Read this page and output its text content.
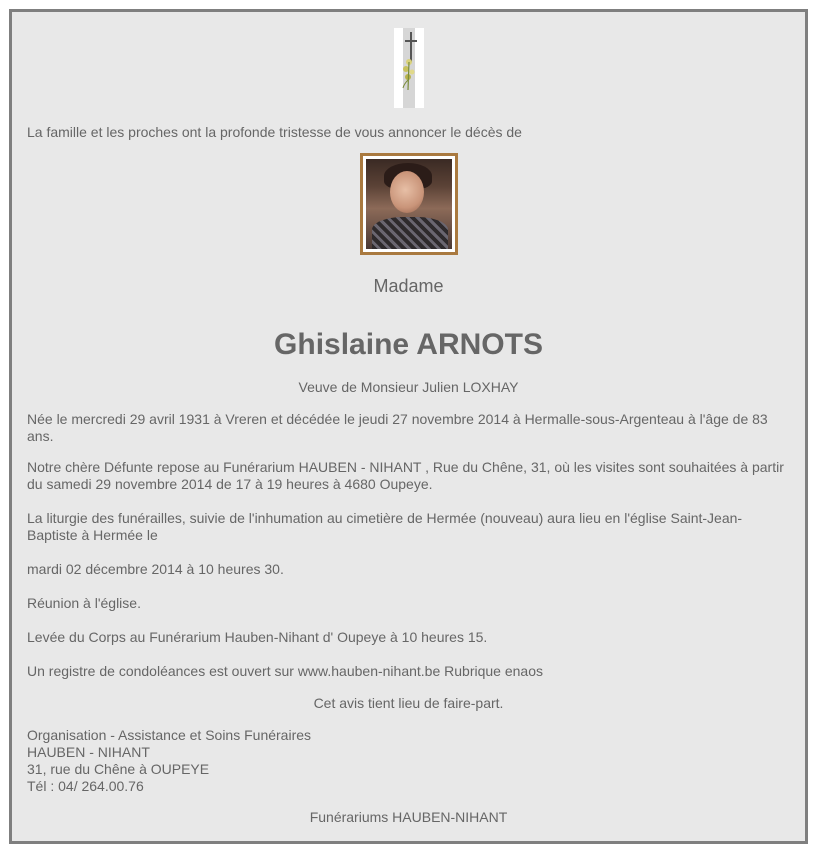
La famille et les proches ont la profonde tristesse de vous annoncer le décès de
Madame
Ghislaine ARNOTS
Veuve de Monsieur Julien LOXHAY

Née le mercredi 29 avril 1931 à Vreren et décédée le jeudi 27 novembre 2014 à Hermalle-sous-Argenteau à l'âge de 83 ans.

Notre chère Défunte repose au Funérarium HAUBEN - NIHANT , Rue du Chêne, 31, où les visites sont souhaitées à partir du samedi 29 novembre 2014 de 17 à 19 heures à 4680 Oupeye.

La liturgie des funérailles, suivie de l'inhumation au cimetière de Hermée (nouveau) aura lieu en l'église Saint-Jean-Baptiste à Hermée le

mardi 02 décembre 2014 à 10 heures 30.

Réunion à l'église.

Levée du Corps au Funérarium Hauben-Nihant d' Oupeye à 10 heures 15.

Un registre de condoléances est ouvert sur www.hauben-nihant.be Rubrique enaos

Cet avis tient lieu de faire-part.
Organisation - Assistance et Soins Funéraires
HAUBEN - NIHANT
31, rue du Chêne à OUPEYE
Tél : 04/ 264.00.76
Funérariums HAUBEN-NIHANT
